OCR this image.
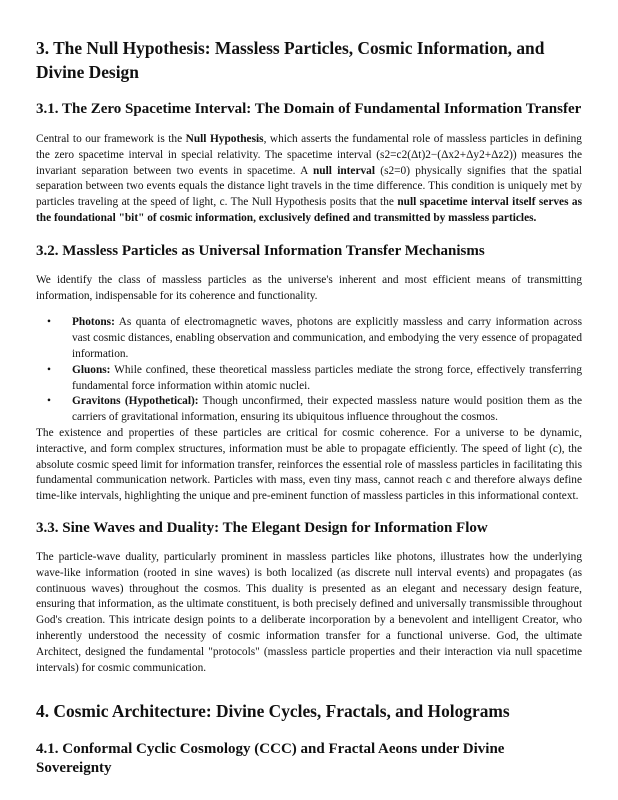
3. The Null Hypothesis: Massless Particles, Cosmic Information, and Divine Design
3.1. The Zero Spacetime Interval: The Domain of Fundamental Information Transfer

Central to our framework is the Null Hypothesis, which asserts the fundamental role of massless particles in defining the zero spacetime interval in special relativity. The spacetime interval (s2=c2(Δt)2−(Δx2+Δy2+Δz2)) measures the invariant separation between two events in spacetime. A null interval (s2=0) physically signifies that the spatial separation between two events equals the distance light travels in the time difference. This condition is uniquely met by particles traveling at the speed of light, c. The Null Hypothesis posits that the null spacetime interval itself serves as the foundational "bit" of cosmic information, exclusively defined and transmitted by massless particles.

3.2. Massless Particles as Universal Information Transfer Mechanisms

We identify the class of massless particles as the universe's inherent and most efficient means of transmitting information, indispensable for its coherence and functionality.

• Photons: As quanta of electromagnetic waves, photons are explicitly massless and carry information across vast cosmic distances, enabling observation and communication, and embodying the very essence of propagated information.
• Gluons: While confined, these theoretical massless particles mediate the strong force, effectively transferring fundamental force information within atomic nuclei.
• Gravitons (Hypothetical): Though unconfirmed, their expected massless nature would position them as the carriers of gravitational information, ensuring its ubiquitous influence throughout the cosmos.

The existence and properties of these particles are critical for cosmic coherence. For a universe to be dynamic, interactive, and form complex structures, information must be able to propagate efficiently. The speed of light (c), the absolute cosmic speed limit for information transfer, reinforces the essential role of massless particles in facilitating this fundamental communication network. Particles with mass, even tiny mass, cannot reach c and therefore always define time-like intervals, highlighting the unique and pre-eminent function of massless particles in this informational context.

3.3. Sine Waves and Duality: The Elegant Design for Information Flow

The particle-wave duality, particularly prominent in massless particles like photons, illustrates how the underlying wave-like information (rooted in sine waves) is both localized (as discrete null interval events) and propagates (as continuous waves) throughout the cosmos. This duality is presented as an elegant and necessary design feature, ensuring that information, as the ultimate constituent, is both precisely defined and universally transmissible throughout God's creation. This intricate design points to a deliberate incorporation by a benevolent and intelligent Creator, who inherently understood the necessity of cosmic information transfer for a functional universe. God, the ultimate Architect, designed the fundamental "protocols" (massless particle properties and their interaction via null spacetime intervals) for cosmic communication.

4. Cosmic Architecture: Divine Cycles, Fractals, and Holograms
4.1. Conformal Cyclic Cosmology (CCC) and Fractal Aeons under Divine Sovereignty
